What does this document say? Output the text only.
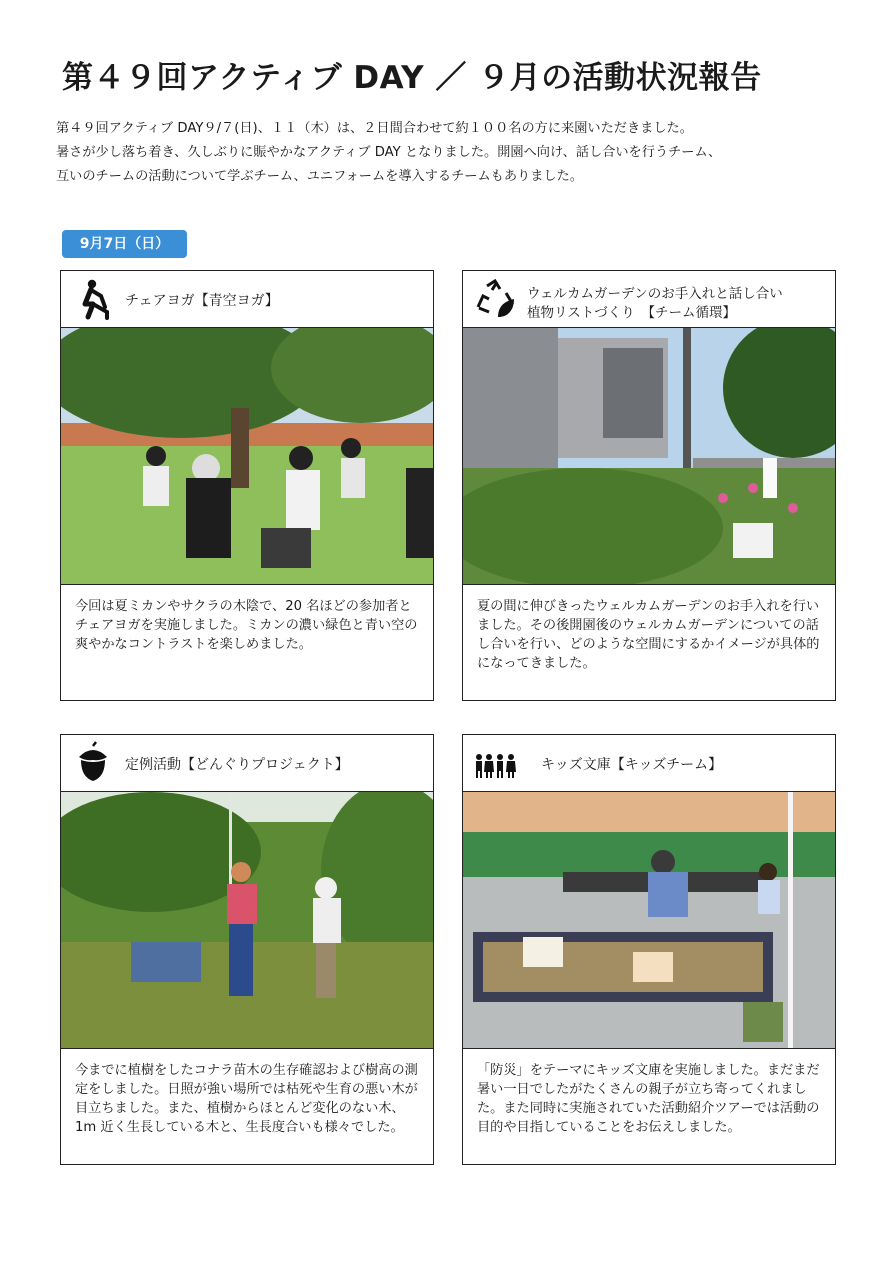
第４９回アクティブ DAY ／ ９月の活動状況報告
第４９回アクティブ DAY９/７(日)、１１（木）は、２日間合わせて約１００名の方に来園いただきました。
暑さが少し落ち着き、久しぶりに賑やかなアクティブ DAY となりました。開園へ向け、話し合いを行うチーム、
互いのチームの活動について学ぶチーム、ユニフォームを導入するチームもありました。
9月7日（日）
チェアヨガ【青空ヨガ】
今回は夏ミカンやサクラの木陰で、20 名ほどの参加者とチェアヨガを実施しました。ミカンの濃い緑色と青い空の爽やかなコントラストを楽しめました。
ウェルカムガーデンのお手入れと話し合い
植物リストづくり　【チーム循環】
夏の間に伸びきったウェルカムガーデンのお手入れを行いました。その後開園後のウェルカムガーデンについての話し合いを行い、どのような空間にするかイメージが具体的になってきました。
定例活動【どんぐりプロジェクト】
今までに植樹をしたコナラ苗木の生存確認および樹高の測定をしました。日照が強い場所では枯死や生育の悪い木が目立ちました。また、植樹からほとんど変化のない木、1m 近く生長している木と、生長度合いも様々でした。
キッズ文庫【キッズチーム】
「防災」をテーマにキッズ文庫を実施しました。まだまだ暑い一日でしたがたくさんの親子が立ち寄ってくれました。また同時に実施されていた活動紹介ツアーでは活動の目的や目指していることをお伝えしました。
